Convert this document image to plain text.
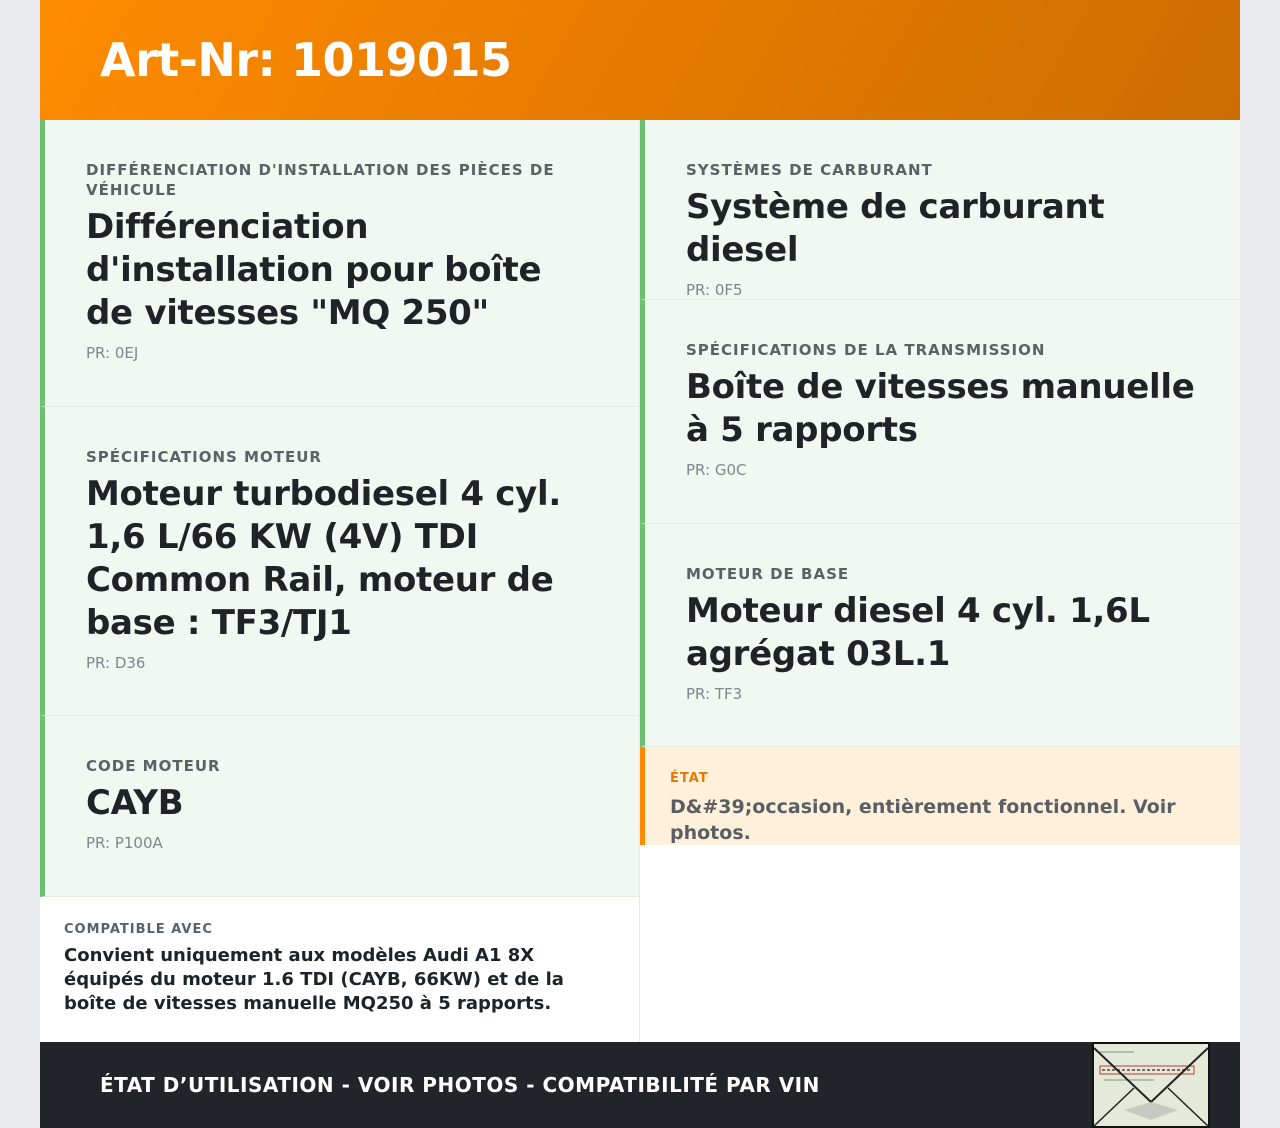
Art-Nr: 1019015
DIFFÉRENCIATION D'INSTALLATION DES PIÈCES DE VÉHICULE
Différenciation d'installation pour boîte de vitesses "MQ 250"
PR: 0EJ
SPÉCIFICATIONS MOTEUR
Moteur turbodiesel 4 cyl. 1,6 L/66 KW (4V) TDI Common Rail, moteur de base : TF3/TJ1
PR: D36
CODE MOTEUR
CAYB
PR: P100A
COMPATIBLE AVEC
Convient uniquement aux modèles Audi A1 8X équipés du moteur 1.6 TDI (CAYB, 66KW) et de la boîte de vitesses manuelle MQ250 à 5 rapports.
SYSTÈMES DE CARBURANT
Système de carburant diesel
PR: 0F5
SPÉCIFICATIONS DE LA TRANSMISSION
Boîte de vitesses manuelle à 5 rapports
PR: G0C
MOTEUR DE BASE
Moteur diesel 4 cyl. 1,6L agrégat 03L.1
PR: TF3
ÉTAT
D&#39;occasion, entièrement fonctionnel. Voir photos.
ÉTAT D’UTILISATION - VOIR PHOTOS - COMPATIBILITÉ PAR VIN
